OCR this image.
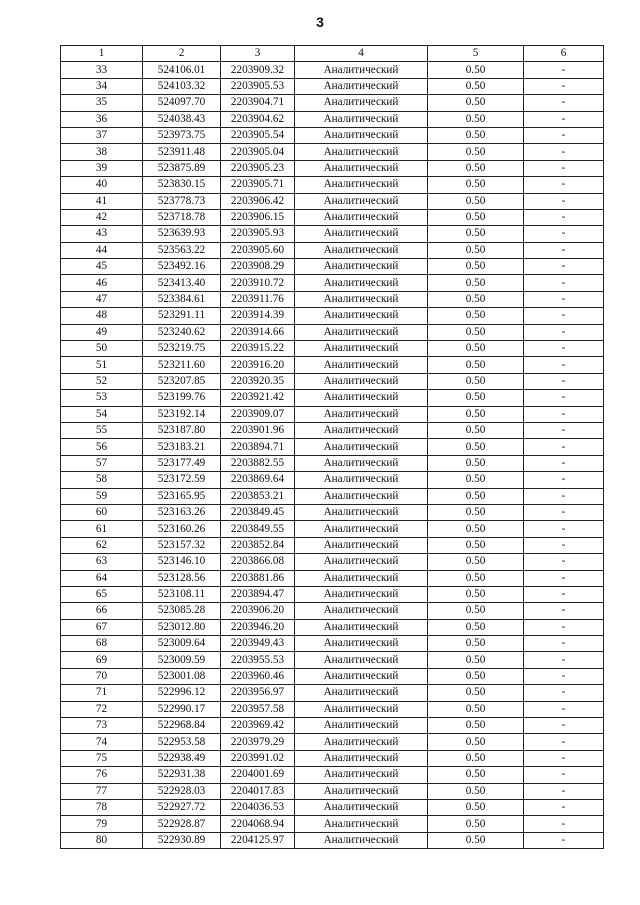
3
1	2	3	4	5	6
33	524106.01	2203909.32	Аналитический	0.50	-
34	524103.32	2203905.53	Аналитический	0.50	-
35	524097.70	2203904.71	Аналитический	0.50	-
36	524038.43	2203904.62	Аналитический	0.50	-
37	523973.75	2203905.54	Аналитический	0.50	-
38	523911.48	2203905.04	Аналитический	0.50	-
39	523875.89	2203905.23	Аналитический	0.50	-
40	523830.15	2203905.71	Аналитический	0.50	-
41	523778.73	2203906.42	Аналитический	0.50	-
42	523718.78	2203906.15	Аналитический	0.50	-
43	523639.93	2203905.93	Аналитический	0.50	-
44	523563.22	2203905.60	Аналитический	0.50	-
45	523492.16	2203908.29	Аналитический	0.50	-
46	523413.40	2203910.72	Аналитический	0.50	-
47	523384.61	2203911.76	Аналитический	0.50	-
48	523291.11	2203914.39	Аналитический	0.50	-
49	523240.62	2203914.66	Аналитический	0.50	-
50	523219.75	2203915.22	Аналитический	0.50	-
51	523211.60	2203916.20	Аналитический	0.50	-
52	523207.85	2203920.35	Аналитический	0.50	-
53	523199.76	2203921.42	Аналитический	0.50	-
54	523192.14	2203909.07	Аналитический	0.50	-
55	523187.80	2203901.96	Аналитический	0.50	-
56	523183.21	2203894.71	Аналитический	0.50	-
57	523177.49	2203882.55	Аналитический	0.50	-
58	523172.59	2203869.64	Аналитический	0.50	-
59	523165.95	2203853.21	Аналитический	0.50	-
60	523163.26	2203849.45	Аналитический	0.50	-
61	523160.26	2203849.55	Аналитический	0.50	-
62	523157.32	2203852.84	Аналитический	0.50	-
63	523146.10	2203866.08	Аналитический	0.50	-
64	523128.56	2203881.86	Аналитический	0.50	-
65	523108.11	2203894.47	Аналитический	0.50	-
66	523085.28	2203906.20	Аналитический	0.50	-
67	523012.80	2203946.20	Аналитический	0.50	-
68	523009.64	2203949.43	Аналитический	0.50	-
69	523009.59	2203955.53	Аналитический	0.50	-
70	523001.08	2203960.46	Аналитический	0.50	-
71	522996.12	2203956.97	Аналитический	0.50	-
72	522990.17	2203957.58	Аналитический	0.50	-
73	522968.84	2203969.42	Аналитический	0.50	-
74	522953.58	2203979.29	Аналитический	0.50	-
75	522938.49	2203991.02	Аналитический	0.50	-
76	522931.38	2204001.69	Аналитический	0.50	-
77	522928.03	2204017.83	Аналитический	0.50	-
78	522927.72	2204036.53	Аналитический	0.50	-
79	522928.87	2204068.94	Аналитический	0.50	-
80	522930.89	2204125.97	Аналитический	0.50	-
